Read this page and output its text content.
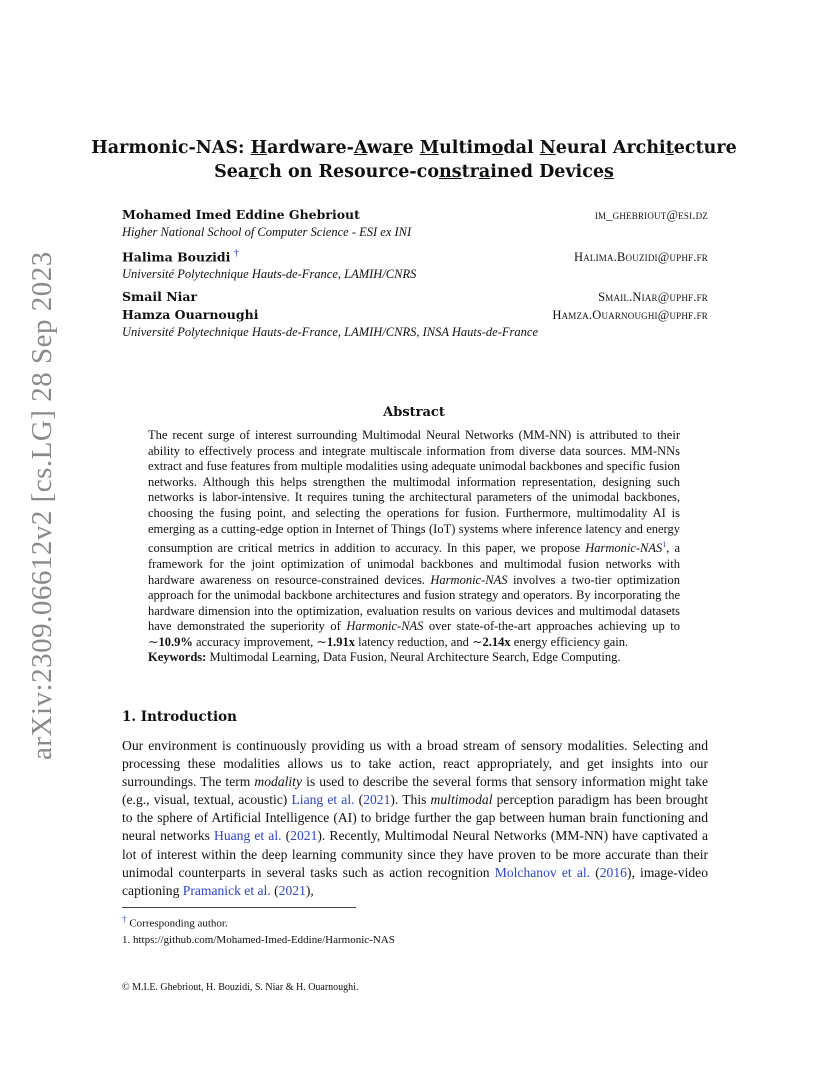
arXiv:2309.06612v2 [cs.LG] 28 Sep 2023
Harmonic-NAS: Hardware-Aware Multimodal Neural Architecture
Search on Resource-constrained Devices
Mohamed Imed Eddine Ghebriout	im_ghebriout@esi.dz
Higher National School of Computer Science - ESI ex INI
Halima Bouzidi †	Halima.Bouzidi@uphf.fr
Université Polytechnique Hauts-de-France, LAMIH/CNRS
Smail Niar	Smail.Niar@uphf.fr
Hamza Ouarnoughi	Hamza.Ouarnoughi@uphf.fr
Université Polytechnique Hauts-de-France, LAMIH/CNRS, INSA Hauts-de-France
Abstract

The recent surge of interest surrounding Multimodal Neural Networks (MM-NN) is attributed to their ability to effectively process and integrate multiscale information from diverse data sources. MM-NNs extract and fuse features from multiple modalities using adequate unimodal backbones and specific fusion networks. Although this helps strengthen the multimodal information representation, designing such networks is labor-intensive. It requires tuning the architectural parameters of the unimodal backbones, choosing the fusing point, and selecting the operations for fusion. Furthermore, multimodality AI is emerging as a cutting-edge option in Internet of Things (IoT) systems where inference latency and energy consumption are critical metrics in addition to accuracy. In this paper, we propose Harmonic-NAS$^1$, a framework for the joint optimization of unimodal backbones and multimodal fusion networks with hardware awareness on resource-constrained devices. Harmonic-NAS involves a two-tier optimization approach for the unimodal backbone architectures and fusion strategy and operators. By incorporating the hardware dimension into the optimization, evaluation results on various devices and multimodal datasets have demonstrated the superiority of Harmonic-NAS over state-of-the-art approaches achieving up to ∼10.9% accuracy improvement, ∼1.91x latency reduction, and ∼2.14x energy efficiency gain.

Keywords: Multimodal Learning, Data Fusion, Neural Architecture Search, Edge Computing.

1. Introduction

Our environment is continuously providing us with a broad stream of sensory modalities. Selecting and processing these modalities allows us to take action, react appropriately, and get insights into our surroundings. The term modality is used to describe the several forms that sensory information might take (e.g., visual, textual, acoustic) Liang et al. (2021). This multimodal perception paradigm has been brought to the sphere of Artificial Intelligence (AI) to bridge further the gap between human brain functioning and neural networks Huang et al. (2021). Recently, Multimodal Neural Networks (MM-NN) have captivated a lot of interest within the deep learning community since they have proven to be more accurate than their unimodal counterparts in several tasks such as action recognition Molchanov et al. (2016), image-video captioning Pramanick et al. (2021),

† Corresponding author.
1. https://github.com/Mohamed-Imed-Eddine/Harmonic-NAS
© M.I.E. Ghebriout, H. Bouzidi, S. Niar & H. Ouarnoughi.
